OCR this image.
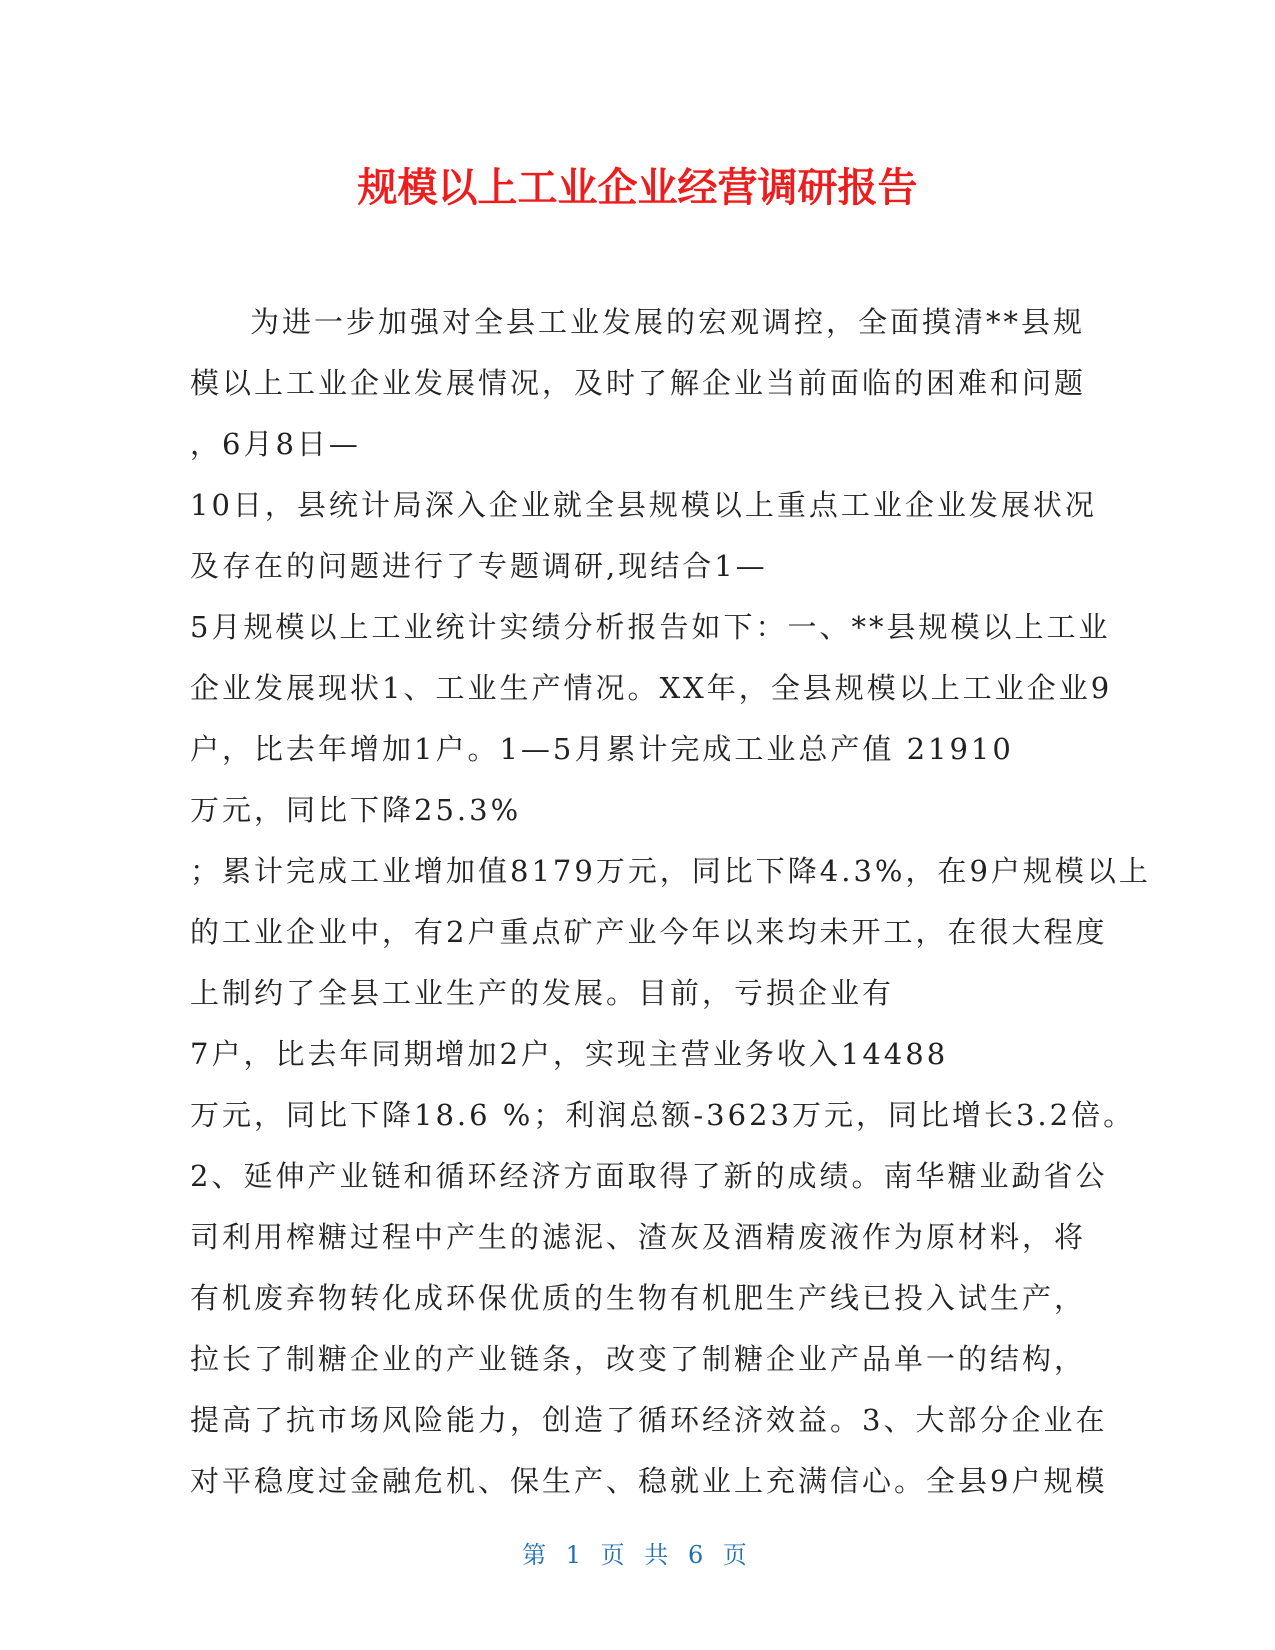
规模以上工业企业经营调研报告
为进一步加强对全县工业发展的宏观调控，全面摸清**县规
模以上工业企业发展情况，及时了解企业当前面临的困难和问题
，6月8日—
10日，县统计局深入企业就全县规模以上重点工业企业发展状况
及存在的问题进行了专题调研,现结合1—
5月规模以上工业统计实绩分析报告如下：一、**县规模以上工业
企业发展现状1、工业生产情况。XX年，全县规模以上工业企业9
户，比去年增加1户。1—5月累计完成工业总产值 21910
万元，同比下降25.3%
；累计完成工业增加值8179万元，同比下降4.3%，在9户规模以上
的工业企业中，有2户重点矿产业今年以来均未开工，在很大程度
上制约了全县工业生产的发展。目前，亏损企业有
7户，比去年同期增加2户，实现主营业务收入14488
万元，同比下降18.6 %；利润总额-3623万元，同比增长3.2倍。
2、延伸产业链和循环经济方面取得了新的成绩。南华糖业勐省公
司利用榨糖过程中产生的滤泥、渣灰及酒精废液作为原材料，将
有机废弃物转化成环保优质的生物有机肥生产线已投入试生产，
拉长了制糖企业的产业链条，改变了制糖企业产品单一的结构，
提高了抗市场风险能力，创造了循环经济效益。3、大部分企业在
对平稳度过金融危机、保生产、稳就业上充满信心。全县9户规模
第 1 页 共 6 页
